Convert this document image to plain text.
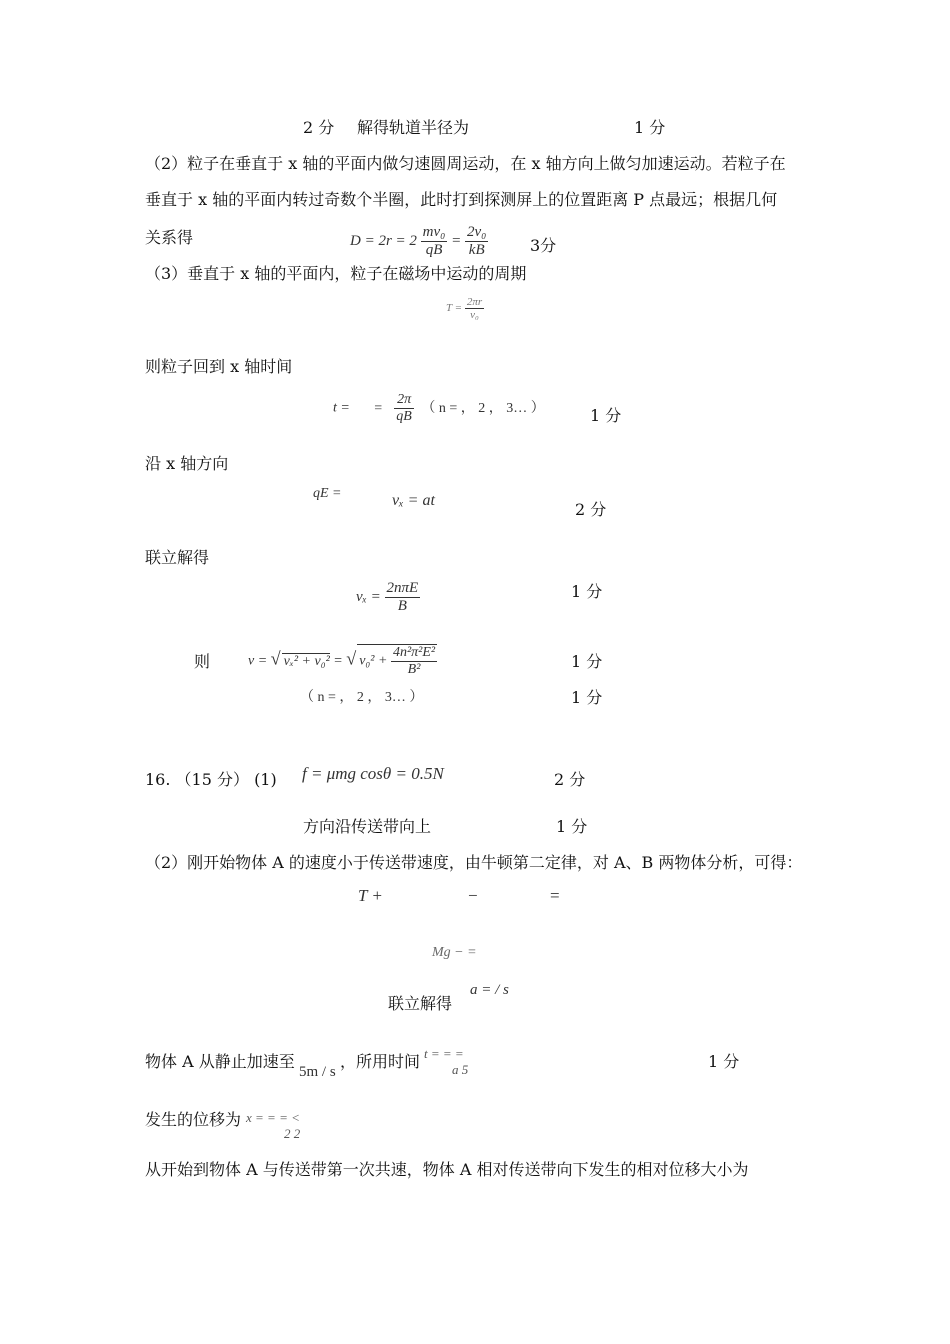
2 分 解得轨道半径为	1 分
（2）粒子在垂直于 x 轴的平面内做匀速圆周运动，在 x 轴方向上做匀加速运动。若粒子在
垂直于 x 轴的平面内转过奇数个半圈，此时打到探测屏上的位置距离 P 点最远；根据几何
关系得	$D = 2r = 2 \frac{\text{mv₀}}{qB} = \frac{\text{2v₀}}{kB}$	3分
（3）垂直于 x 轴的平面内，粒子在磁场中运动的周期
$T = \frac{2\pi r}{\text{v₀}}$
则粒子回到 x 轴时间
t = = $\frac{2\pi}{qB}$ （ n = ， 2 ， 3… ）	1 分
沿 x 轴方向
qE =	vₓ = at	2 分
联立解得
$v_x = \frac{\text{2nπE}}{B}$	1 分
则	v = √ vₓ² + v₀² = √ $v_0^2 + \frac{\text{4n²π²E²}}{\text{B²}}$	1 分
（ n = ， 2 ， 3… ）	1 分
16. （15 分） (1) f = μmg cosθ = 0.5N	2 分
方向沿传送带向上	1 分
（2）刚开始物体 A 的速度小于传送带速度，由牛顿第二定律，对 A、B 两物体分析，可得：
T +	−	=
Mg − =
联立解得
a = / s
物体 A 从静止加速至
5m / s
，所用时间 t = = =
a 5	1 分
发生的位移为 x = = = <
2 2
从开始到物体 A 与传送带第一次共速，物体 A 相对传送带向下发生的相对位移大小为
